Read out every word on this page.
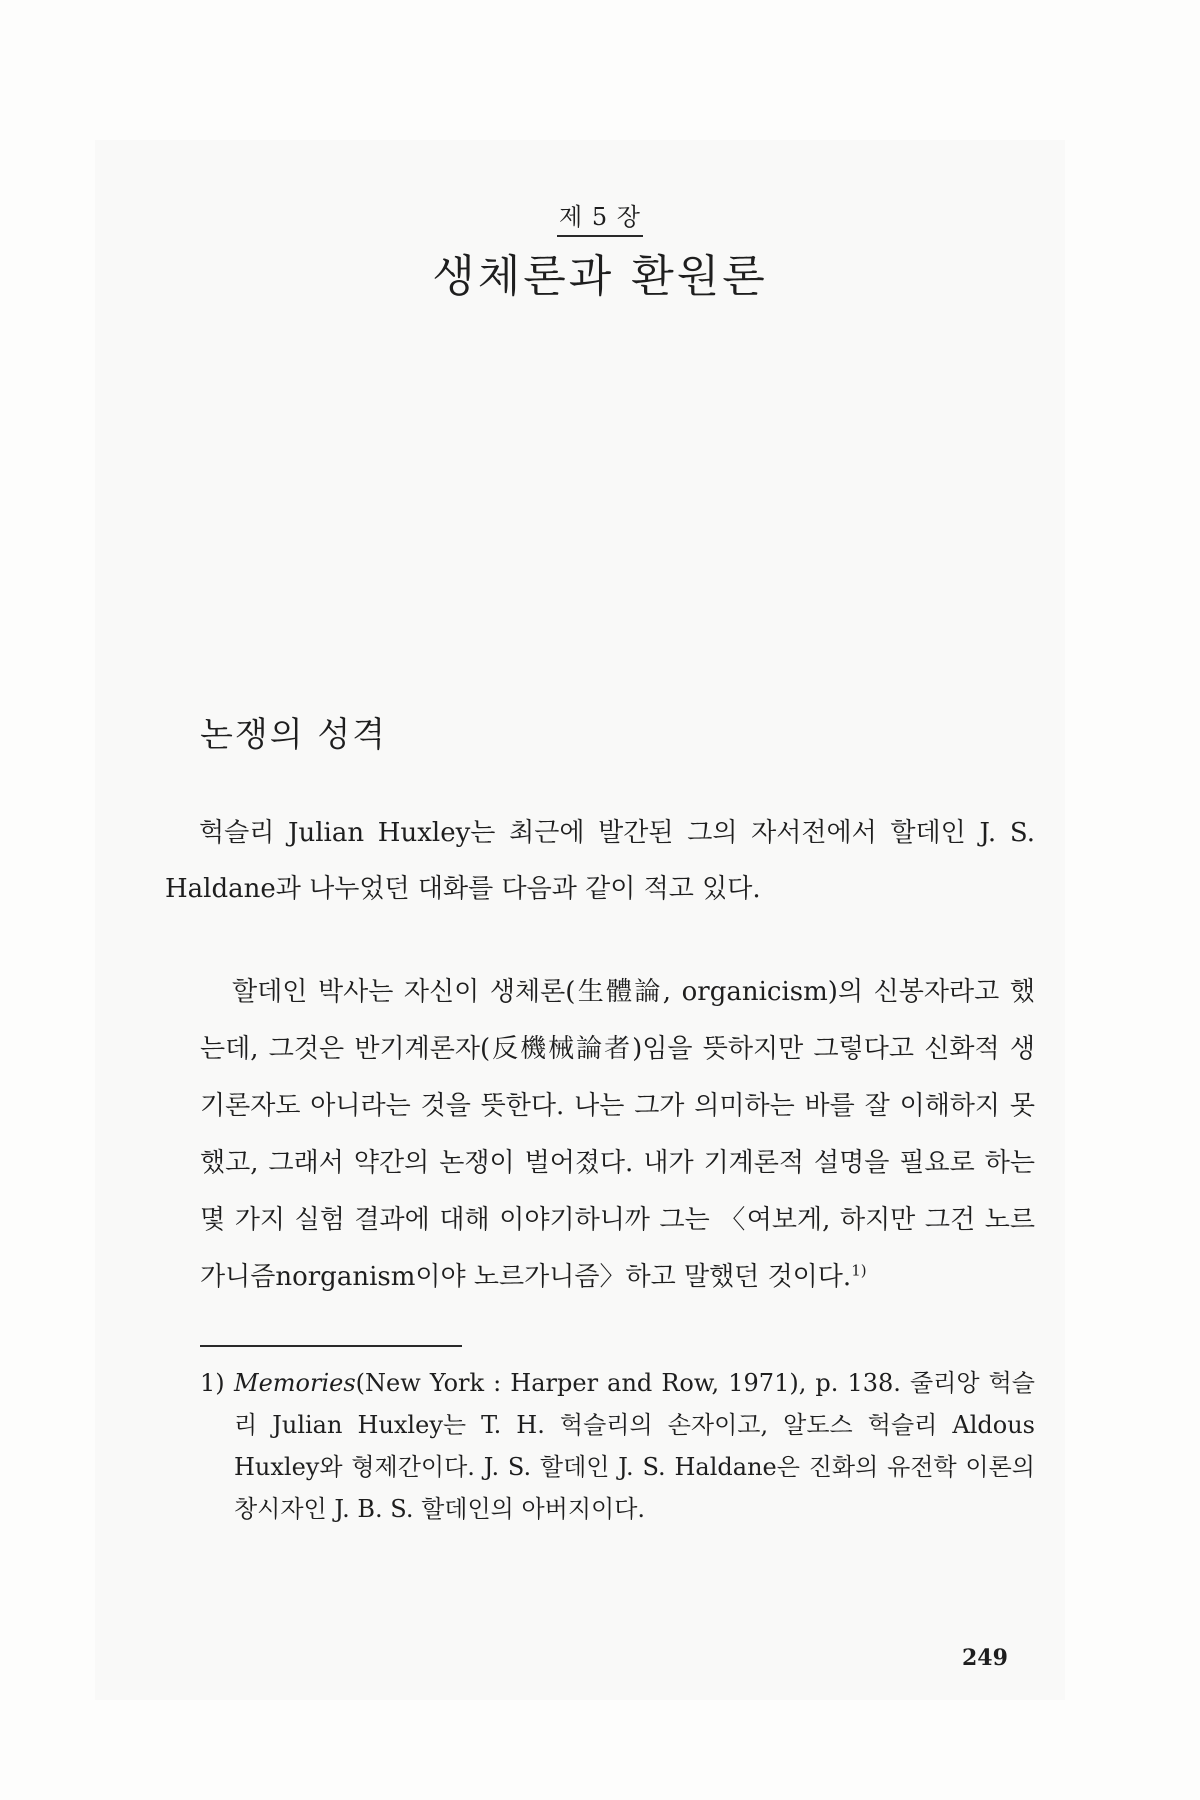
제 5 장
생체론과 환원론
논쟁의 성격

헉슬리 Julian Huxley는 최근에 발간된 그의 자서전에서 할데인 J. S. Haldane과 나누었던 대화를 다음과 같이 적고 있다.

할데인 박사는 자신이 생체론(生體論, organicism)의 신봉자라고 했는데, 그것은 반기계론자(反機械論者)임을 뜻하지만 그렇다고 신화적 생기론자도 아니라는 것을 뜻한다. 나는 그가 의미하는 바를 잘 이해하지 못했고, 그래서 약간의 논쟁이 벌어졌다. 내가 기계론적 설명을 필요로 하는 몇 가지 실험 결과에 대해 이야기하니까 그는 〈여보게, 하지만 그건 노르가니즘norganism이야 노르가니즘〉하고 말했던 것이다.$^{1)}$

1) Memories(New York : Harper and Row, 1971), p. 138. 줄리앙 헉슬리 Julian Huxley는 T. H. 헉슬리의 손자이고, 알도스 헉슬리 Aldous Huxley와 형제간이다. J. S. 할데인 J. S. Haldane은 진화의 유전학 이론의 창시자인 J. B. S. 할데인의 아버지이다.
249
